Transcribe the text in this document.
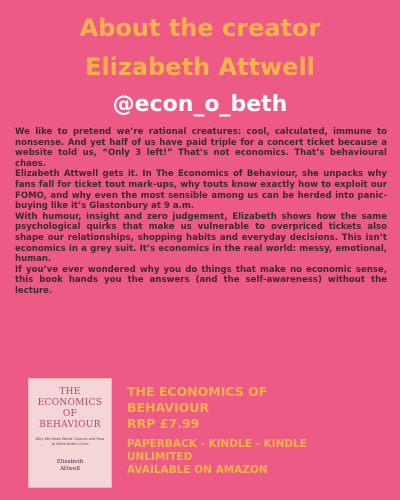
About the creator
Elizabeth Attwell
@econ_o_beth

We like to pretend we’re rational creatures: cool, calculated, immune to nonsense. And yet half of us have paid triple for a concert ticket because a website told us, “Only 3 left!” That’s not economics. That’s behavioural chaos.

Elizabeth Attwell gets it. In The Economics of Behaviour, she unpacks why fans fall for ticket tout mark-ups, why touts know exactly how to exploit our FOMO, and why even the most sensible among us can be herded into panic-buying like it’s Glastonbury at 9 a.m.

With humour, insight and zero judgement, Elizabeth shows how the same psychological quirks that make us vulnerable to overpriced tickets also shape our relationships, shopping habits and everyday decisions. This isn’t economics in a grey suit. It’s economics in the real world: messy, emotional, human.

If you’ve ever wondered why you do things that make no economic sense, this book hands you the answers (and the self-awareness) without the lecture.

THE
ECONOMICS
OF
BEHAVIOUR
Why We Make Weird Choices and How to Make Better Ones
Elizabeth
Attwell
THE ECONOMICS OF
BEHAVIOUR
RRP £7.99
PAPERBACK - KINDLE - KINDLE
UNLIMITED
AVAILABLE ON AMAZON
